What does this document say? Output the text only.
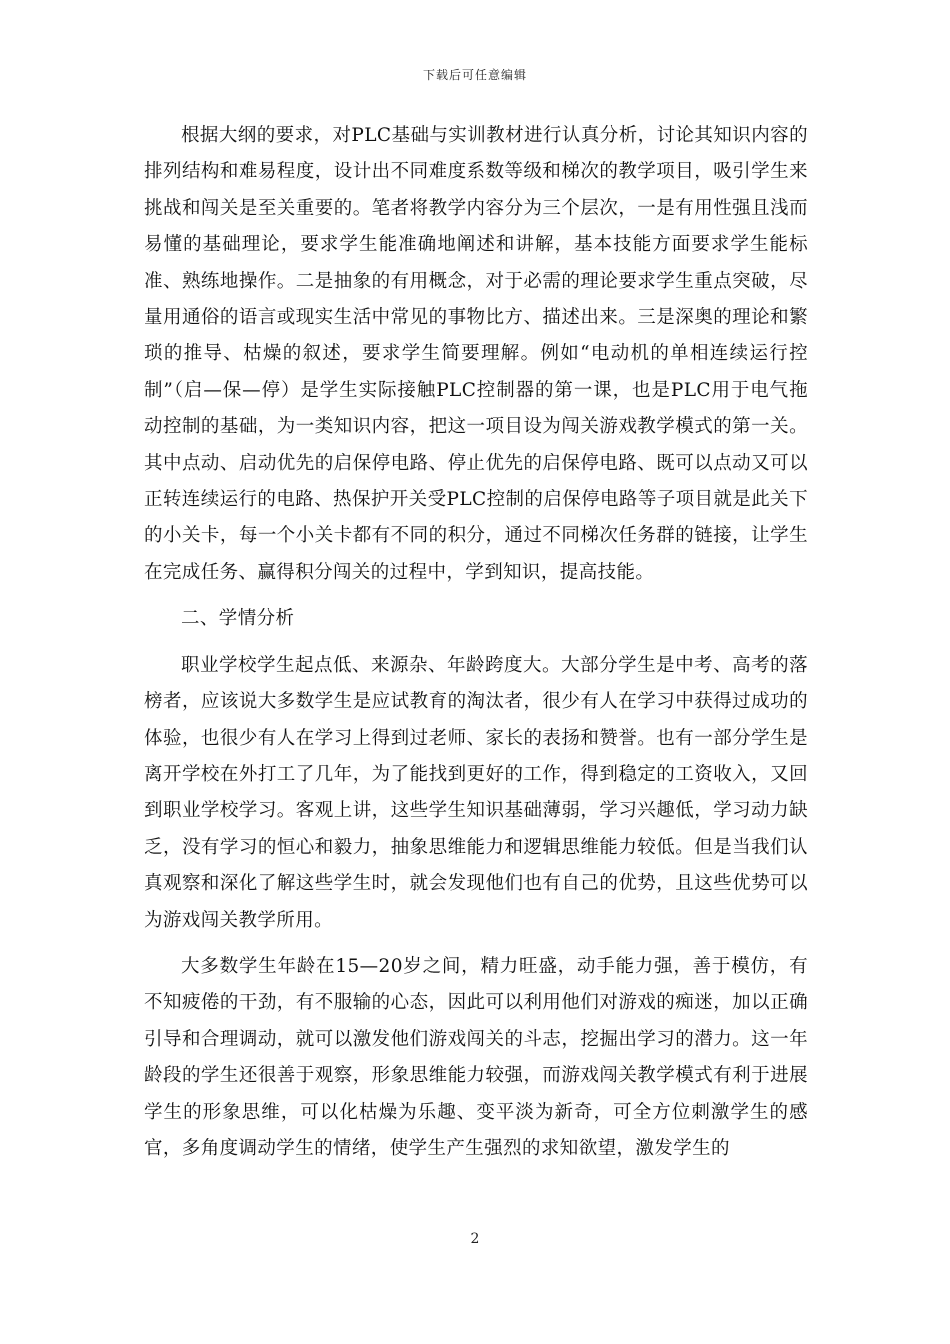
下载后可任意编辑

根据大纲的要求，对PLC基础与实训教材进行认真分析，讨论其知识内容的排列结构和难易程度，设计出不同难度系数等级和梯次的教学项目，吸引学生来挑战和闯关是至关重要的。笔者将教学内容分为三个层次，一是有用性强且浅而易懂的基础理论，要求学生能准确地阐述和讲解，基本技能方面要求学生能标准、熟练地操作。二是抽象的有用概念，对于必需的理论要求学生重点突破，尽量用通俗的语言或现实生活中常见的事物比方、描述出来。三是深奥的理论和繁琐的推导、枯燥的叙述，要求学生简要理解。例如“电动机的单相连续运行控制”（启—保—停）是学生实际接触PLC控制器的第一课，也是PLC用于电气拖动控制的基础，为一类知识内容，把这一项目设为闯关游戏教学模式的第一关。其中点动、启动优先的启保停电路、停止优先的启保停电路、既可以点动又可以正转连续运行的电路、热保护开关受PLC控制的启保停电路等子项目就是此关下的小关卡，每一个小关卡都有不同的积分，通过不同梯次任务群的链接，让学生在完成任务、赢得积分闯关的过程中，学到知识，提高技能。

二、学情分析

职业学校学生起点低、来源杂、年龄跨度大。大部分学生是中考、高考的落榜者，应该说大多数学生是应试教育的淘汰者，很少有人在学习中获得过成功的体验，也很少有人在学习上得到过老师、家长的表扬和赞誉。也有一部分学生是离开学校在外打工了几年，为了能找到更好的工作，得到稳定的工资收入，又回到职业学校学习。客观上讲，这些学生知识基础薄弱，学习兴趣低，学习动力缺乏，没有学习的恒心和毅力，抽象思维能力和逻辑思维能力较低。但是当我们认真观察和深化了解这些学生时，就会发现他们也有自己的优势，且这些优势可以为游戏闯关教学所用。

大多数学生年龄在15—20岁之间，精力旺盛，动手能力强，善于模仿，有不知疲倦的干劲，有不服输的心态，因此可以利用他们对游戏的痴迷，加以正确引导和合理调动，就可以激发他们游戏闯关的斗志，挖掘出学习的潜力。这一年龄段的学生还很善于观察，形象思维能力较强，而游戏闯关教学模式有利于进展学生的形象思维，可以化枯燥为乐趣、变平淡为新奇，可全方位刺激学生的感官，多角度调动学生的情绪，使学生产生强烈的求知欲望，激发学生的

2
